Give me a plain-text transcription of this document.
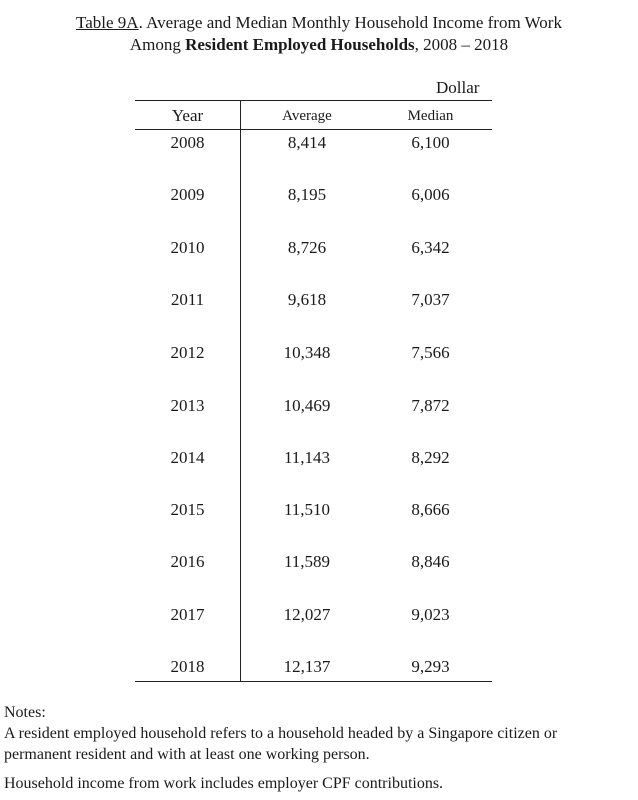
Table 9A. Average and Median Monthly Household Income from Work
Among Resident Employed Households, 2008 – 2018
Dollar
Year	Average	Median
2008	8,414	6,100
2009	8,195	6,006
2010	8,726	6,342
2011	9,618	7,037
2012	10,348	7,566
2013	10,469	7,872
2014	11,143	8,292
2015	11,510	8,666
2016	11,589	8,846
2017	12,027	9,023
2018	12,137	9,293
Notes:
A resident employed household refers to a household headed by a Singapore citizen or
permanent resident and with at least one working person.
Household income from work includes employer CPF contributions.
